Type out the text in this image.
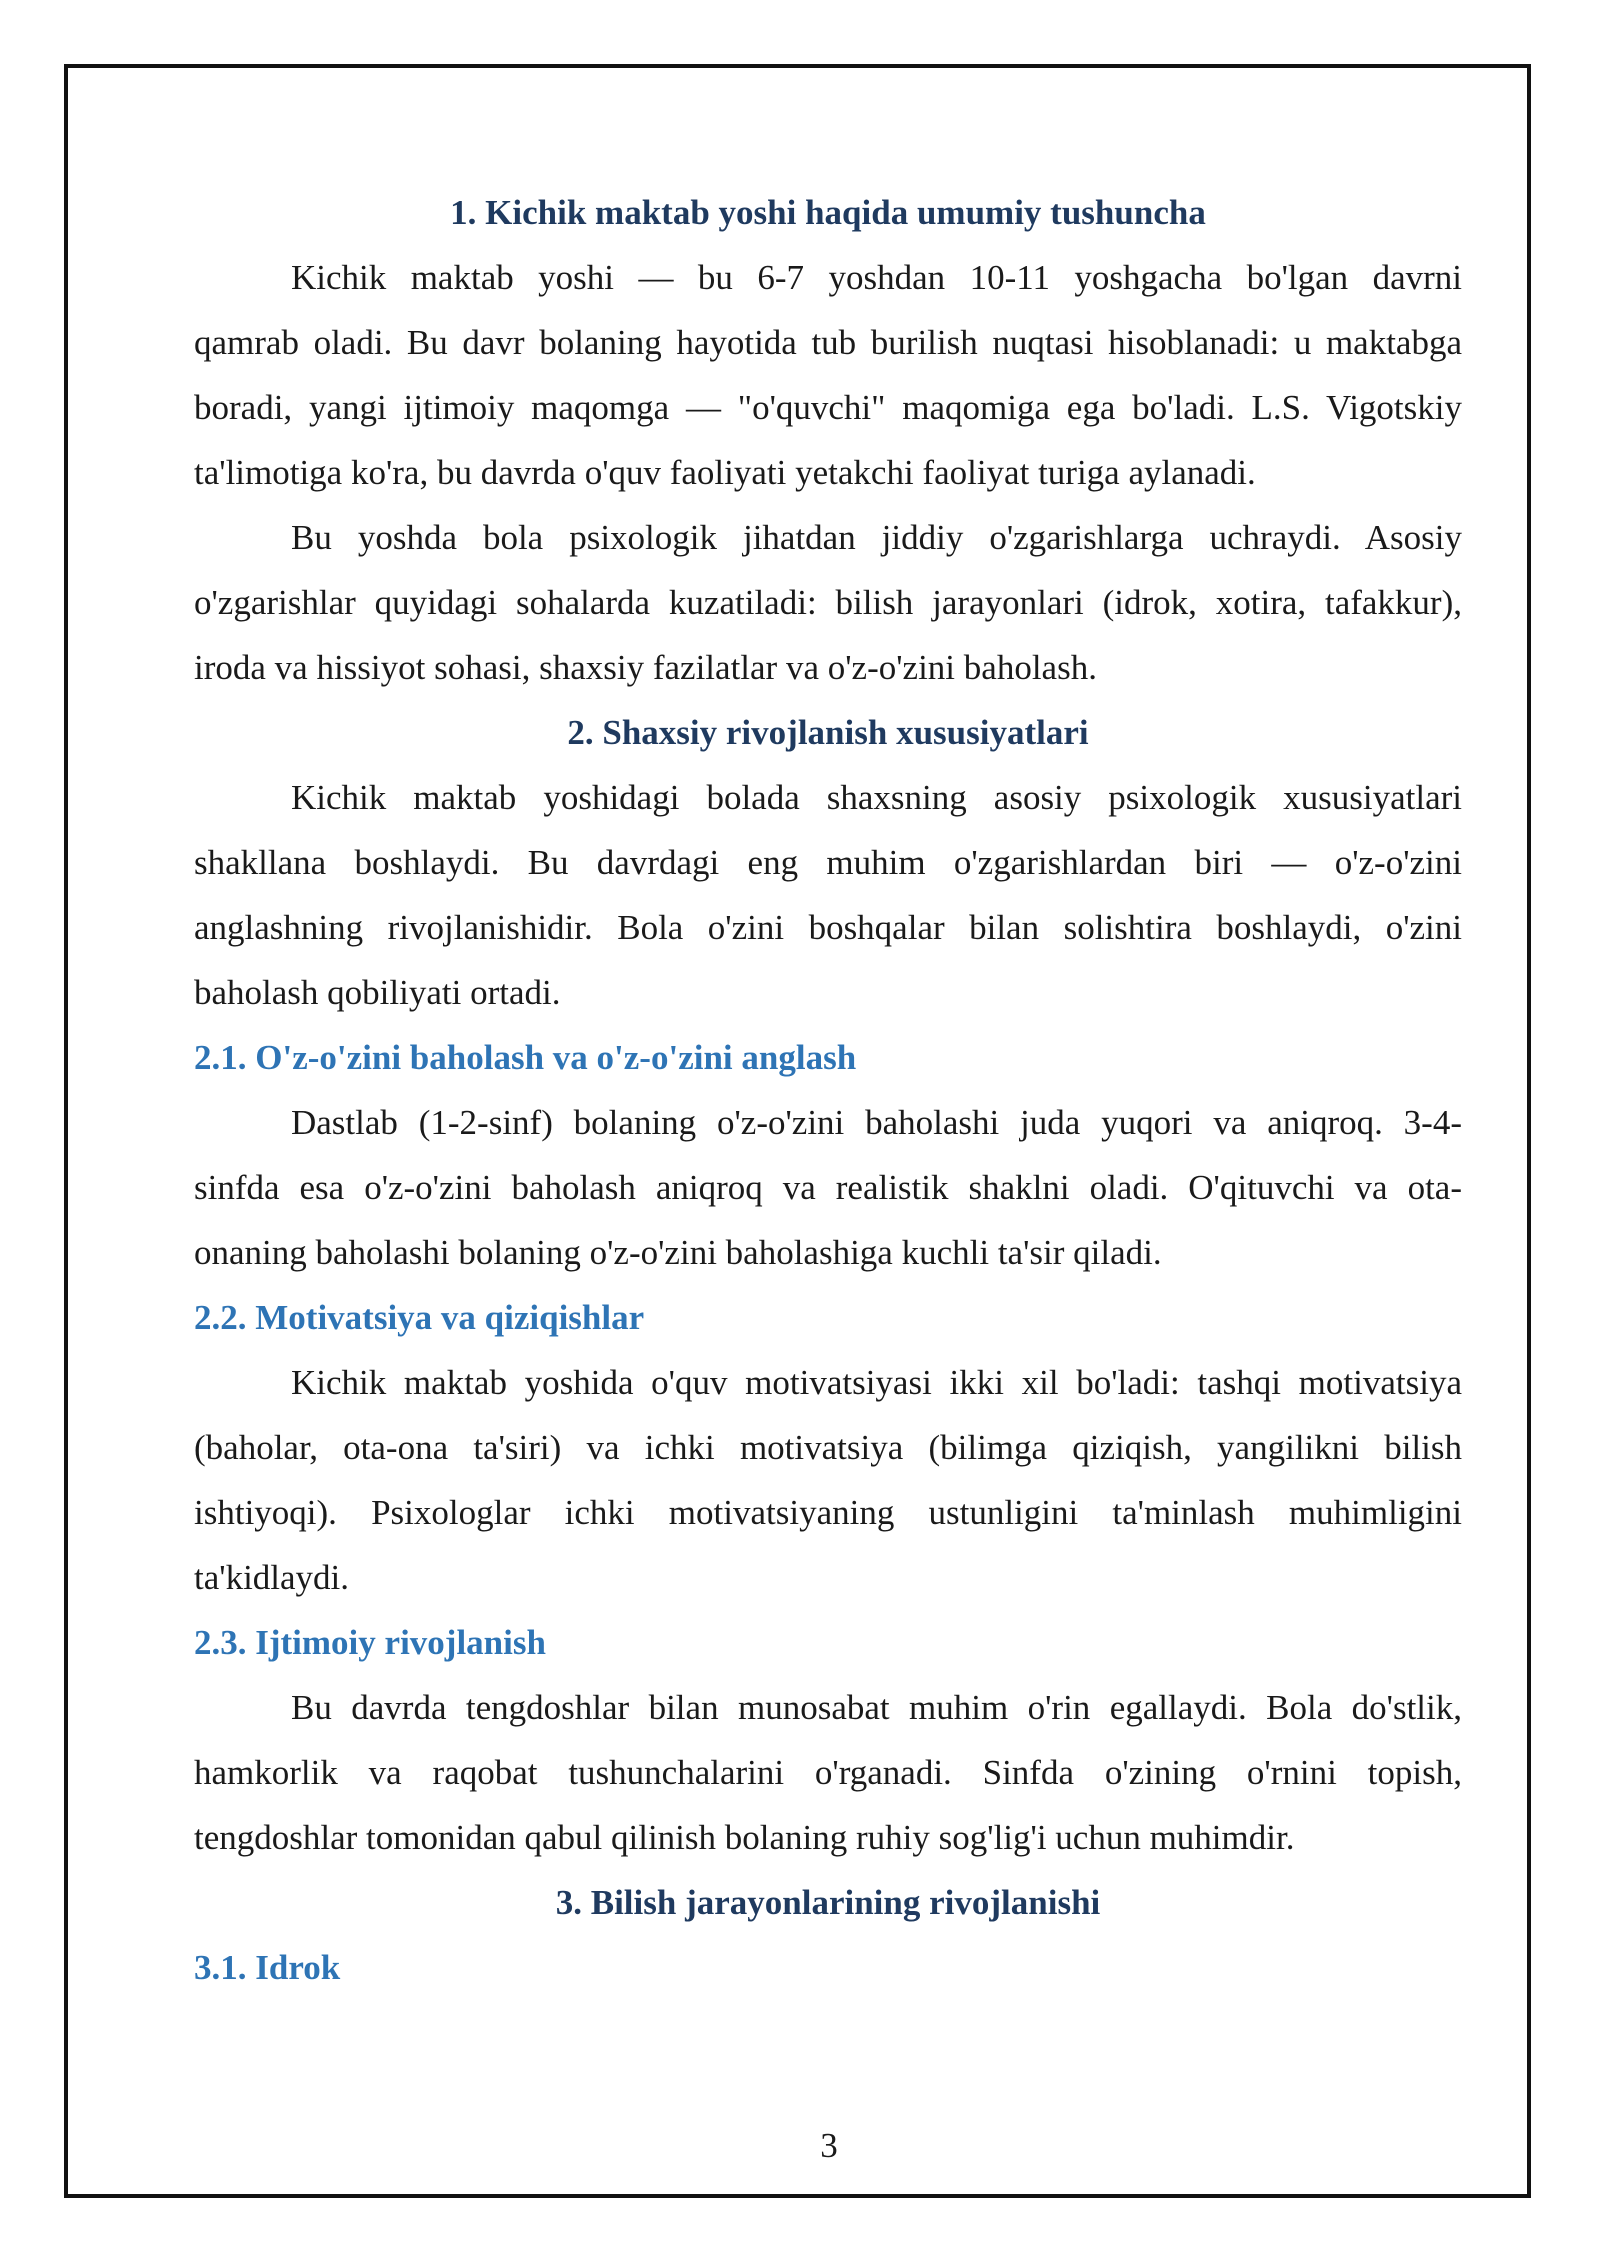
1. Kichik maktab yoshi haqida umumiy tushuncha
Kichik maktab yoshi — bu 6-7 yoshdan 10-11 yoshgacha bo'lgan davrni
qamrab oladi. Bu davr bolaning hayotida tub burilish nuqtasi hisoblanadi: u maktabga
boradi, yangi ijtimoiy maqomga — "o'quvchi" maqomiga ega bo'ladi. L.S. Vigotskiy
ta'limotiga ko'ra, bu davrda o'quv faoliyati yetakchi faoliyat turiga aylanadi.
Bu yoshda bola psixologik jihatdan jiddiy o'zgarishlarga uchraydi. Asosiy
o'zgarishlar quyidagi sohalarda kuzatiladi: bilish jarayonlari (idrok, xotira, tafakkur),
iroda va hissiyot sohasi, shaxsiy fazilatlar va o'z-o'zini baholash.
2. Shaxsiy rivojlanish xususiyatlari
Kichik maktab yoshidagi bolada shaxsning asosiy psixologik xususiyatlari
shakllana boshlaydi. Bu davrdagi eng muhim o'zgarishlardan biri — o'z-o'zini
anglashning rivojlanishidir. Bola o'zini boshqalar bilan solishtira boshlaydi, o'zini
baholash qobiliyati ortadi.
2.1. O'z-o'zini baholash va o'z-o'zini anglash
Dastlab (1-2-sinf) bolaning o'z-o'zini baholashi juda yuqori va aniqroq. 3-4-
sinfda esa o'z-o'zini baholash aniqroq va realistik shaklni oladi. O'qituvchi va ota-
onaning baholashi bolaning o'z-o'zini baholashiga kuchli ta'sir qiladi.
2.2. Motivatsiya va qiziqishlar
Kichik maktab yoshida o'quv motivatsiyasi ikki xil bo'ladi: tashqi motivatsiya
(baholar, ota-ona ta'siri) va ichki motivatsiya (bilimga qiziqish, yangilikni bilish
ishtiyoqi). Psixologlar ichki motivatsiyaning ustunligini ta'minlash muhimligini
ta'kidlaydi.
2.3. Ijtimoiy rivojlanish
Bu davrda tengdoshlar bilan munosabat muhim o'rin egallaydi. Bola do'stlik,
hamkorlik va raqobat tushunchalarini o'rganadi. Sinfda o'zining o'rnini topish,
tengdoshlar tomonidan qabul qilinish bolaning ruhiy sog'lig'i uchun muhimdir.
3. Bilish jarayonlarining rivojlanishi
3.1. Idrok
3
